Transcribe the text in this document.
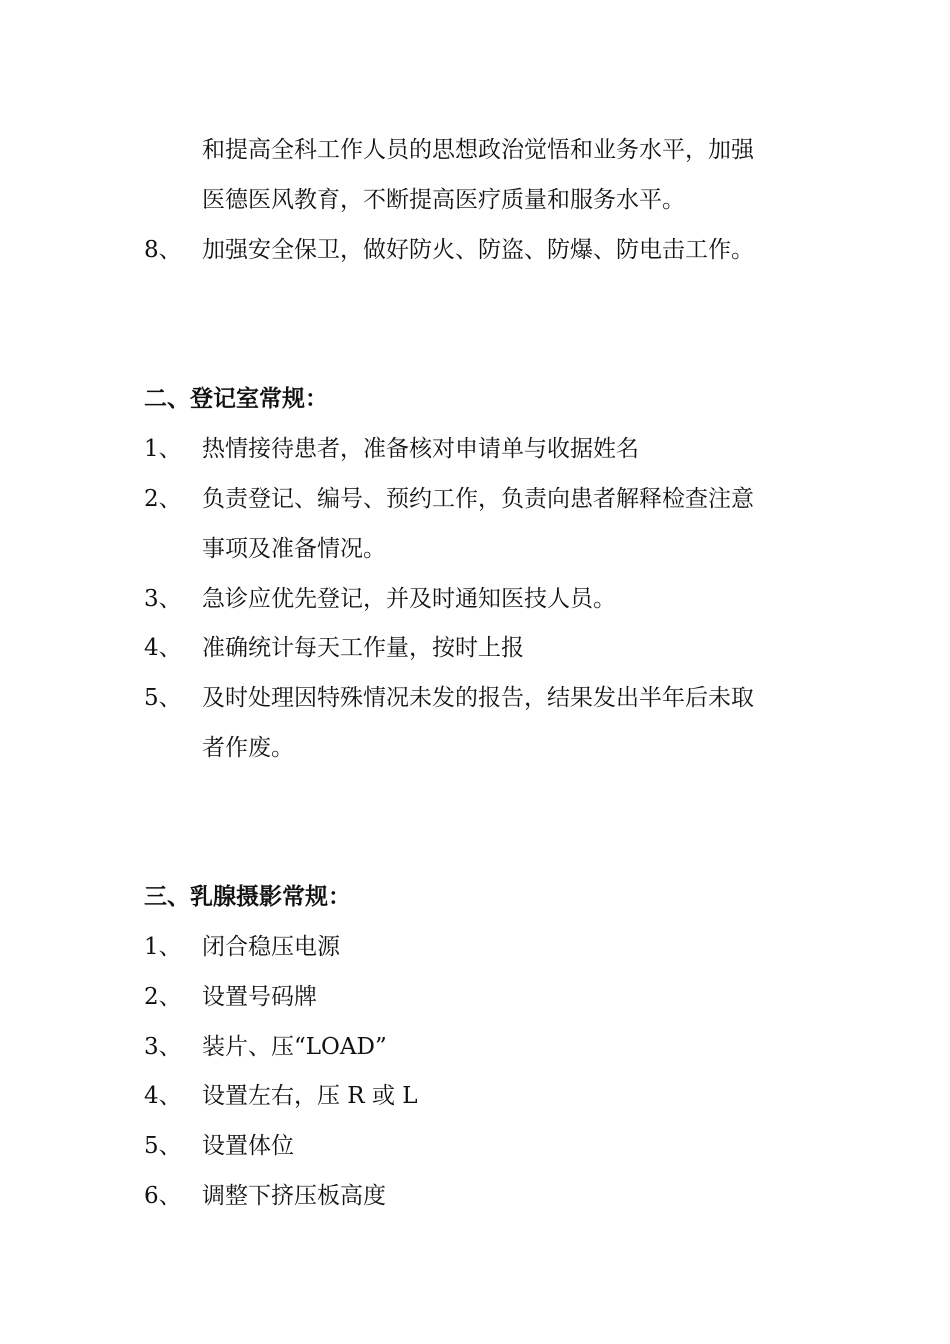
和提高全科工作人员的思想政治觉悟和业务水平，加强
医德医风教育，不断提高医疗质量和服务水平。
8、 加强安全保卫，做好防火、防盗、防爆、防电击工作。
二、登记室常规：
1、 热情接待患者，准备核对申请单与收据姓名
2、 负责登记、编号、预约工作，负责向患者解释检查注意
事项及准备情况。
3、 急诊应优先登记，并及时通知医技人员。
4、 准确统计每天工作量，按时上报
5、 及时处理因特殊情况未发的报告，结果发出半年后未取
者作废。
三、乳腺摄影常规：
1、 闭合稳压电源
2、 设置号码牌
3、 装片、压“LOAD”
4、 设置左右，压 R 或 L
5、 设置体位
6、 调整下挤压板高度
